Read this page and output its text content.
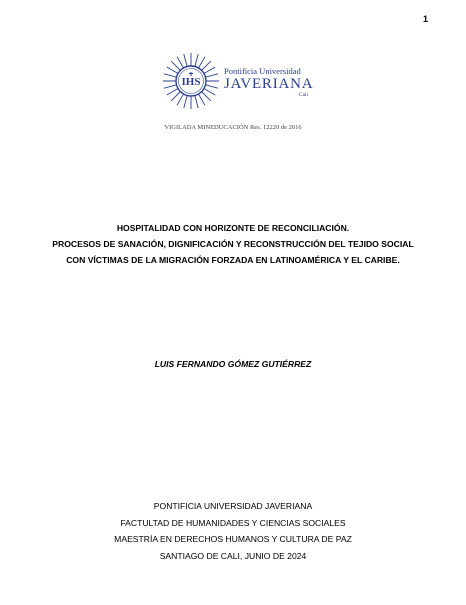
1
IHS
Pontificia Universidad
JAVERIANA
Cali
VIGILADA MINEDUCACIÓN Res. 12220 de 2016
HOSPITALIDAD CON HORIZONTE DE RECONCILIACIÓN.
PROCESOS DE SANACIÓN, DIGNIFICACIÓN Y RECONSTRUCCIÓN DEL TEJIDO SOCIAL
CON VÍCTIMAS DE LA MIGRACIÓN FORZADA EN LATINOAMÉRICA Y EL CARIBE.
LUIS FERNANDO GÓMEZ GUTIÉRREZ
PONTIFICIA UNIVERSIDAD JAVERIANA
FACTULTAD DE HUMANIDADES Y CIENCIAS SOCIALES
MAESTRÍA EN DERECHOS HUMANOS Y CULTURA DE PAZ
SANTIAGO DE CALI, JUNIO DE 2024
